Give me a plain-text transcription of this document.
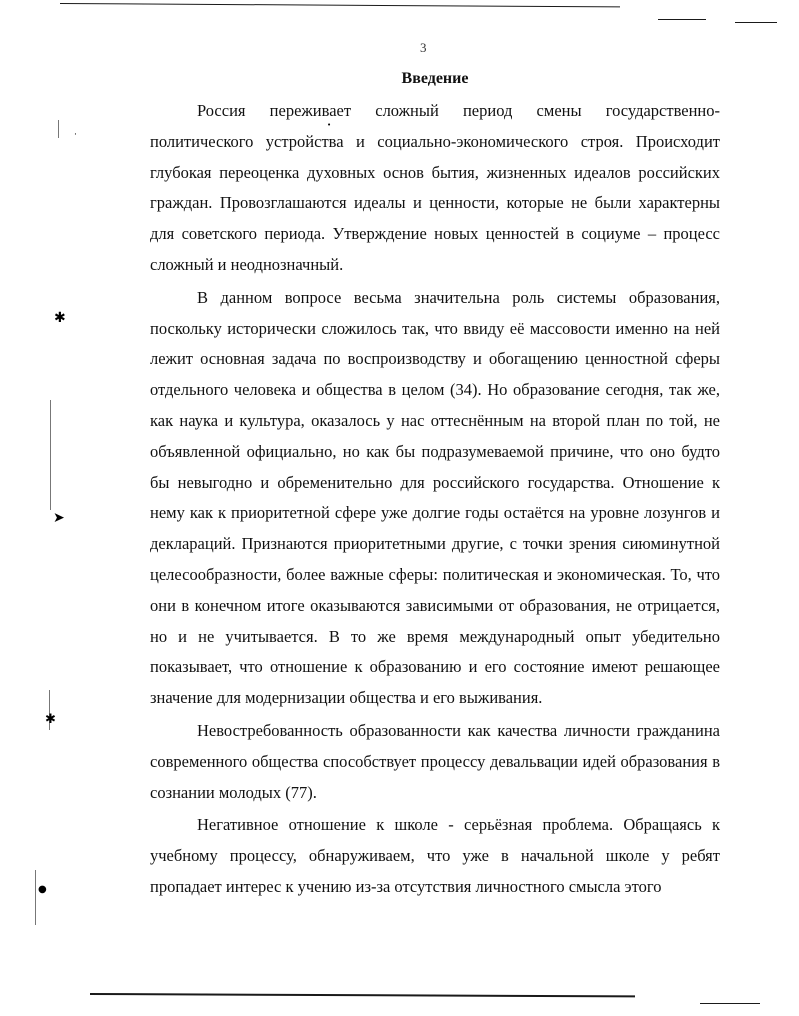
·
✱
➤
✱
●
•
3
Введение

Россия переживает сложный период смены государственно-политического устройства и социально-экономического строя. Происходит глубокая переоценка духовных основ бытия, жизненных идеалов российских граждан. Провозглашаются идеалы и ценности, которые не были характерны для советского периода. Утверждение новых ценностей в социуме – процесс сложный и неоднозначный.

В данном вопросе весьма значительна роль системы образования, поскольку исторически сложилось так, что ввиду её массовости именно на ней лежит основная задача по воспроизводству и обогащению ценностной сферы отдельного человека и общества в целом (34). Но образование сегодня, так же, как наука и культура, оказалось у нас оттеснённым на второй план по той, не объявленной официально, но как бы подразумеваемой причине, что оно будто бы невыгодно и обременительно для российского государства. Отношение к нему как к приоритетной сфере уже долгие годы остаётся на уровне лозунгов и деклараций. Признаются приоритетными другие, с точки зрения сиюминутной целесообразности, более важные сферы: политическая и экономическая. То, что они в конечном итоге оказываются зависимыми от образования, не отрицается, но и не учитывается. В то же время международный опыт убедительно показывает, что отношение к образованию и его состояние имеют решающее значение для модернизации общества и его выживания.

Невостребованность образованности как качества личности гражданина современного общества способствует процессу девальвации идей образования в сознании молодых (77).

Негативное отношение к школе - серьёзная проблема. Обращаясь к учебному процессу, обнаруживаем, что уже в начальной школе у ребят пропадает интерес к учению из-за отсутствия личностного смысла этого
